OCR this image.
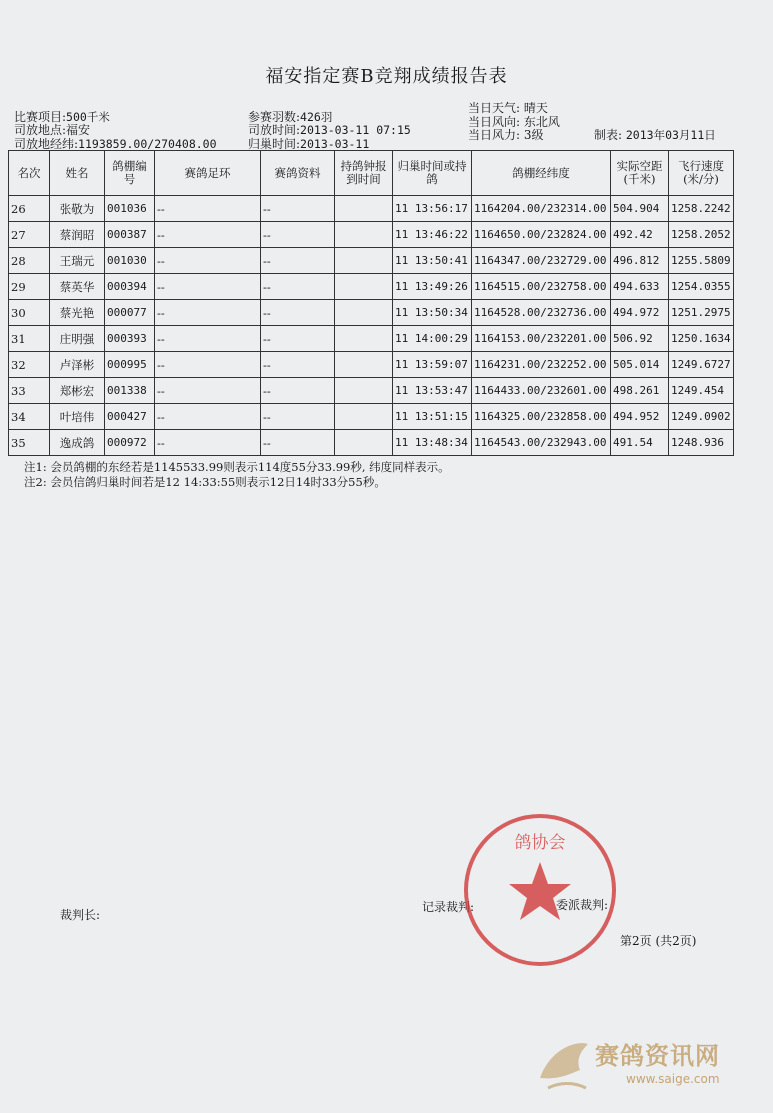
福安指定赛B竞翔成绩报告表
比赛项目:500千米
司放地点:福安
司放地经纬:1193859.00/270408.00
参赛羽数:426羽
司放时间:2013-03-11 07:15
归巢时间:2013-03-11
当日天气: 晴天
当日风向: 东北风
当日风力: 3级	制表: 2013年03月11日
名次	姓名	鸽棚编号	赛鸽足环	赛鸽资料	持鸽钟报到时间	归巢时间或持鸽	鸽棚经纬度	实际空距(千米)	飞行速度(米/分)
26	张敬为	001036	--	--		11 13:56:17	1164204.00/232314.00	504.904	1258.2242
27	蔡润昭	000387	--	--		11 13:46:22	1164650.00/232824.00	492.42	1258.2052
28	王瑞元	001030	--	--		11 13:50:41	1164347.00/232729.00	496.812	1255.5809
29	蔡英华	000394	--	--		11 13:49:26	1164515.00/232758.00	494.633	1254.0355
30	蔡光艳	000077	--	--		11 13:50:34	1164528.00/232736.00	494.972	1251.2975
31	庄明强	000393	--	--		11 14:00:29	1164153.00/232201.00	506.92	1250.1634
32	卢泽彬	000995	--	--		11 13:59:07	1164231.00/232252.00	505.014	1249.6727
33	郑彬宏	001338	--	--		11 13:53:47	1164433.00/232601.00	498.261	1249.454
34	叶培伟	000427	--	--		11 13:51:15	1164325.00/232858.00	494.952	1249.0902
35	逸成鸽	000972	--	--		11 13:48:34	1164543.00/232943.00	491.54	1248.936
注1: 会员鸽棚的东经若是1145533.99则表示114度55分33.99秒, 纬度同样表示。
注2: 会员信鸽归巢时间若是12 14:33:55则表示12日14时33分55秒。
裁判长:
记录裁判:	委派裁判:
鸽协会
第2页 (共2页)
赛鸽资讯网
www.saige.com
